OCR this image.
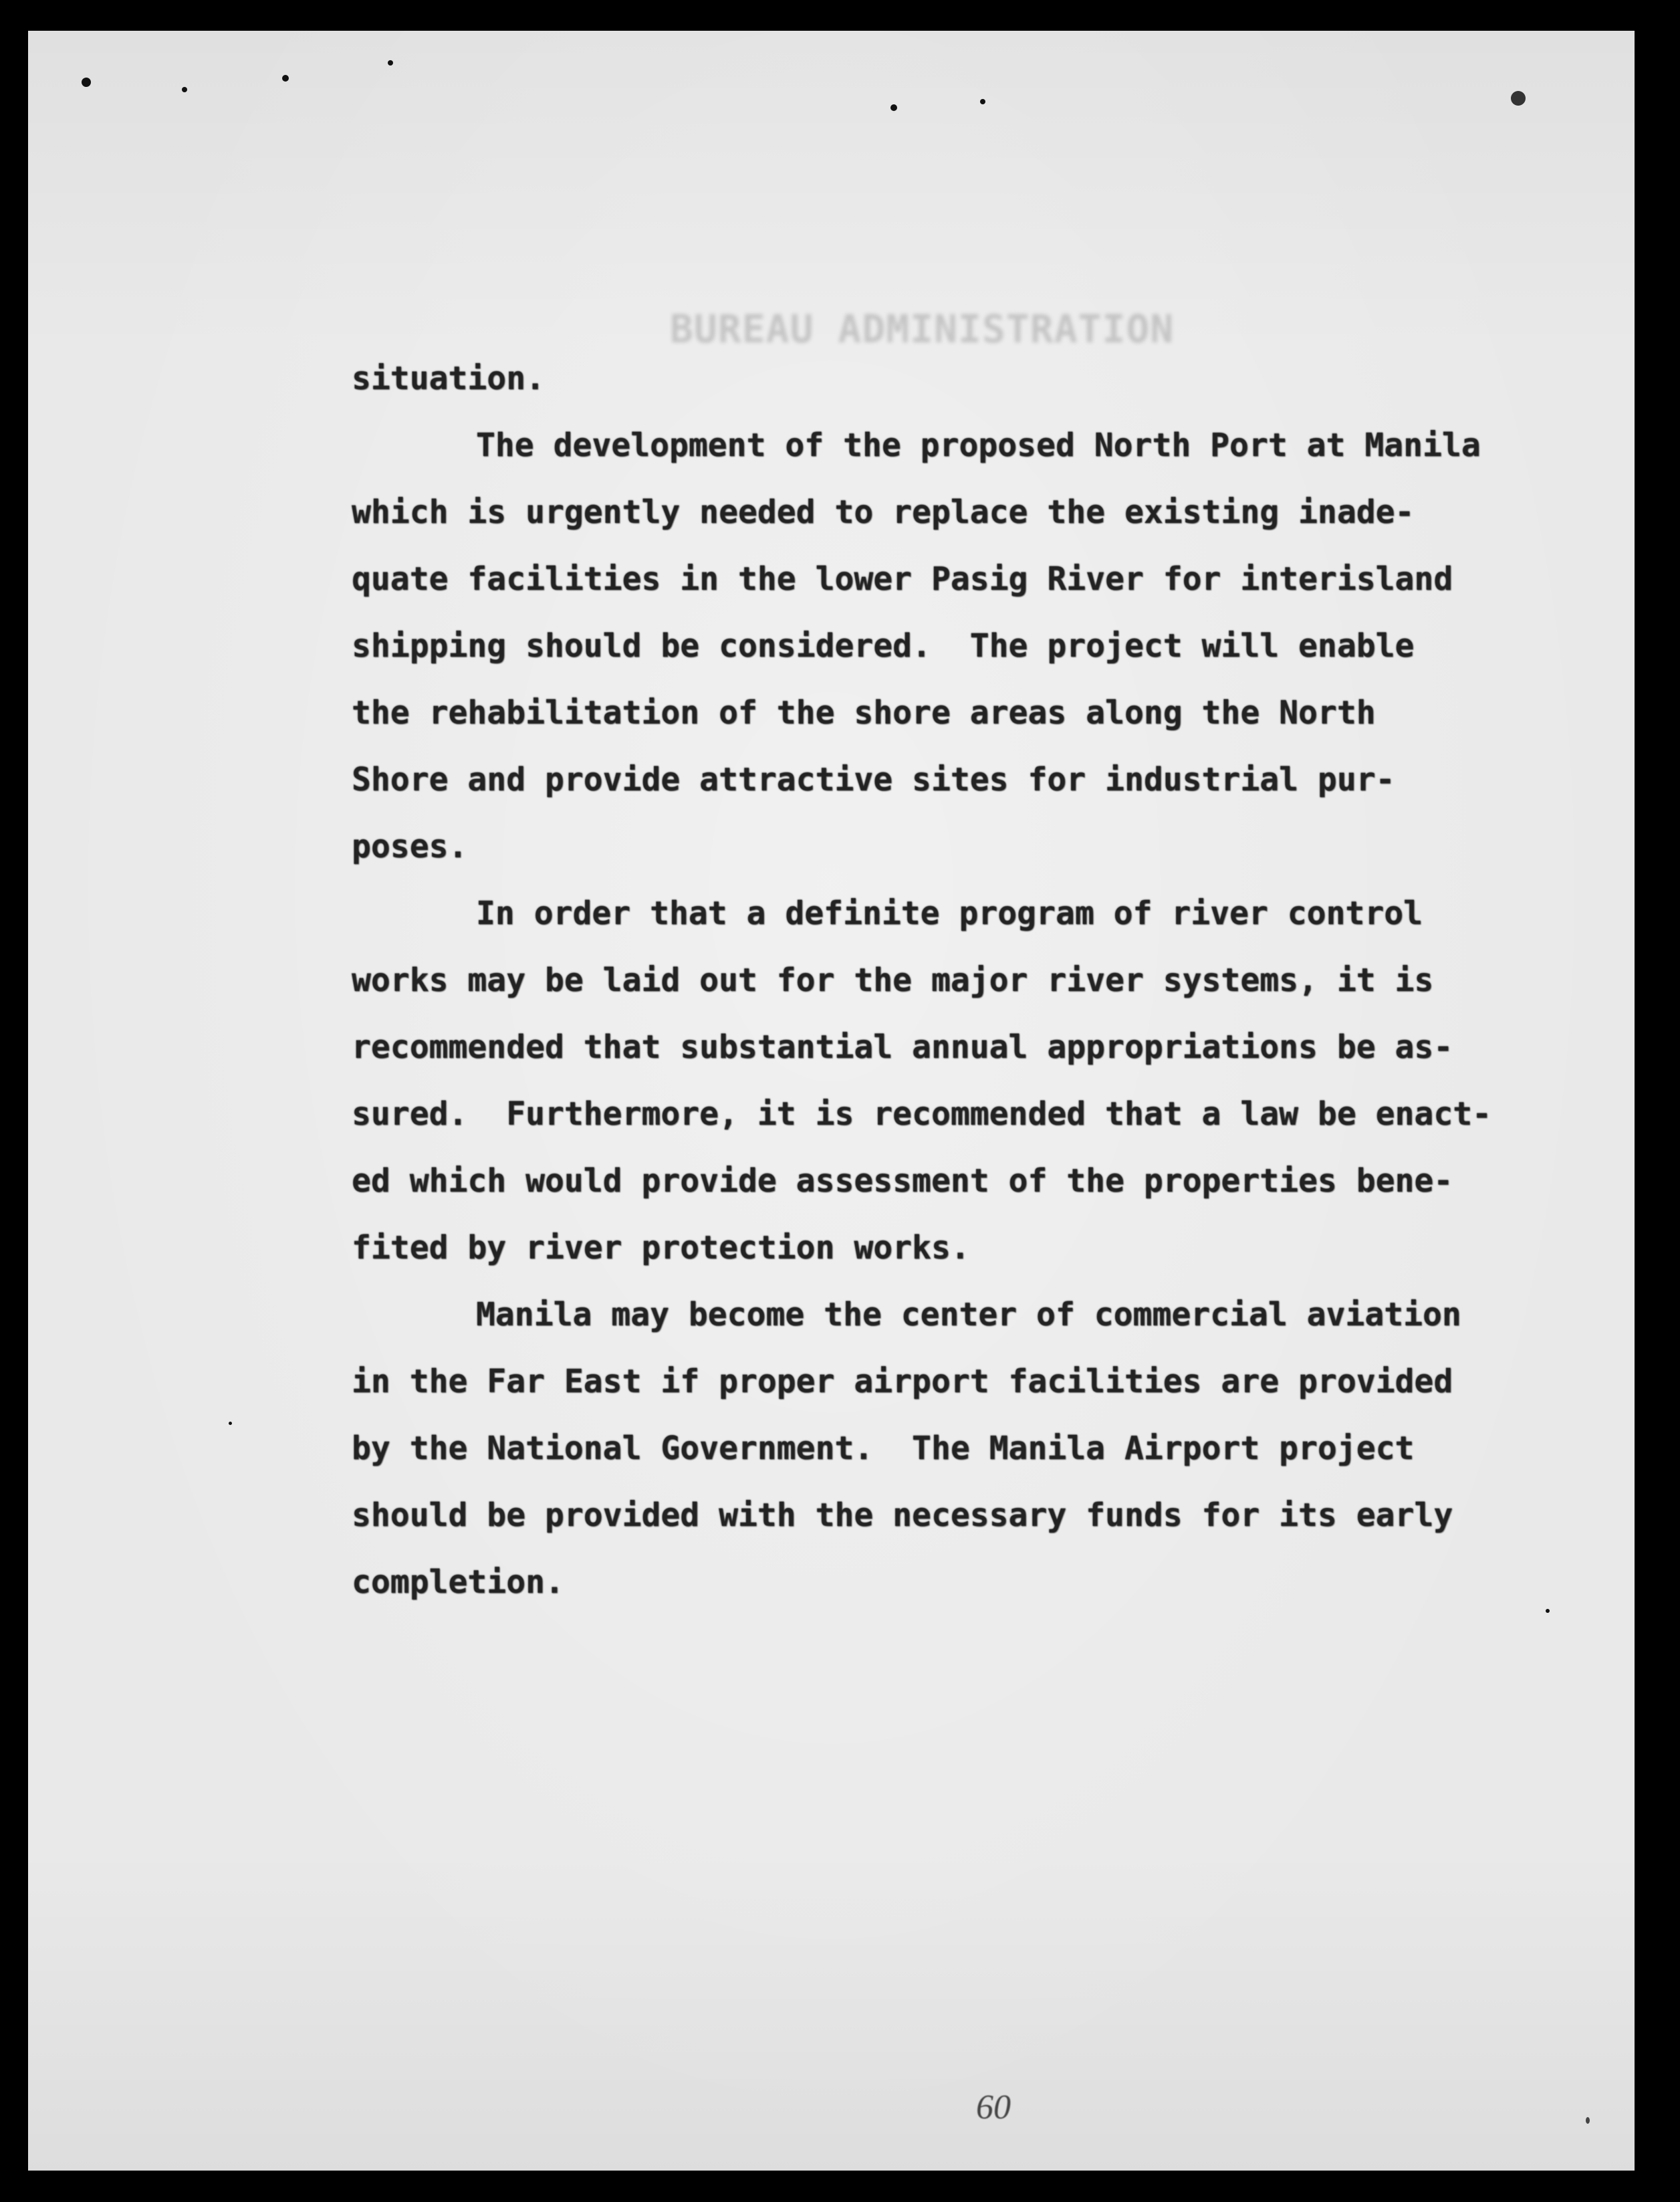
BUREAU ADMINISTRATION
situation.
The development of the proposed North Port at Manila
which is urgently needed to replace the existing inade-
quate facilities in the lower Pasig River for interisland
shipping should be considered.  The project will enable
the rehabilitation of the shore areas along the North
Shore and provide attractive sites for industrial pur-
poses.
In order that a definite program of river control
works may be laid out for the major river systems, it is
recommended that substantial annual appropriations be as-
sured.  Furthermore, it is recommended that a law be enact-
ed which would provide assessment of the properties bene-
fited by river protection works.
Manila may become the center of commercial aviation
in the Far East if proper airport facilities are provided
by the National Government.  The Manila Airport project
should be provided with the necessary funds for its early
completion.
60
